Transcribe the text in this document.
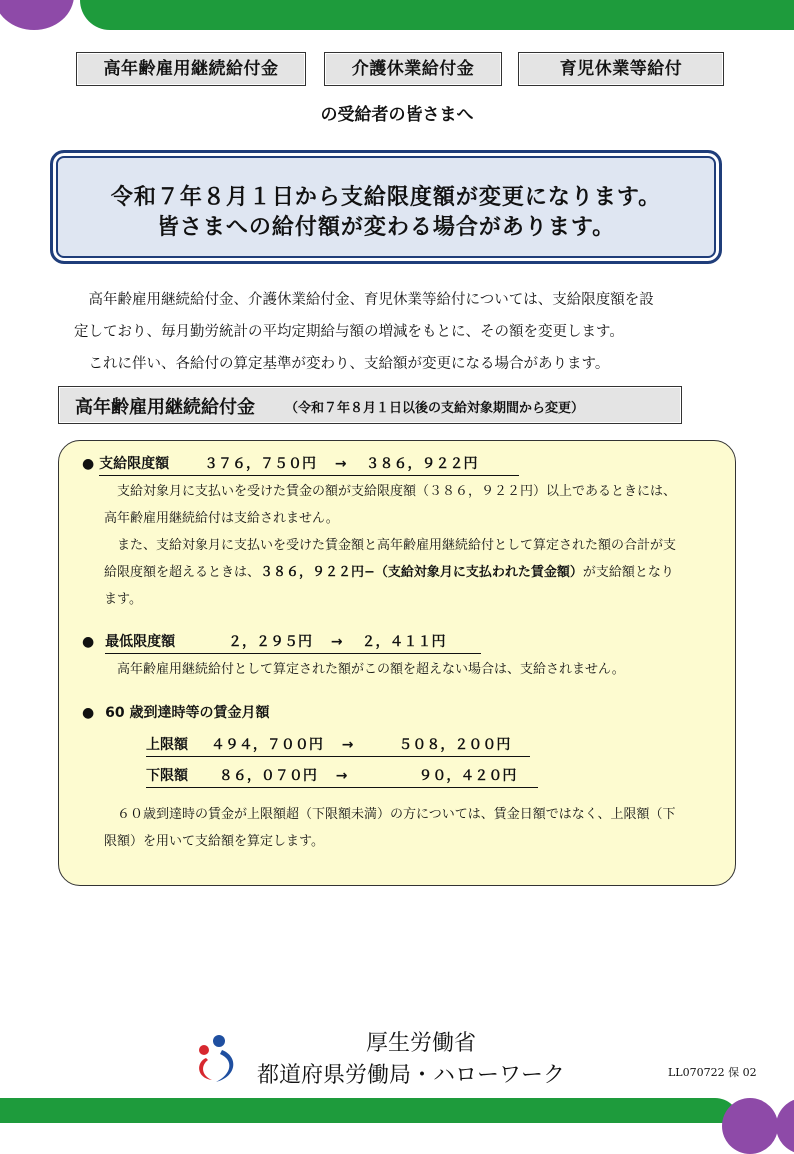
高年齢雇用継続給付金	介護休業給付金	育児休業等給付
の受給者の皆さまへ
令和７年８月１日から支給限度額が変更になります。
皆さまへの給付額が変わる場合があります。

　高年齢雇用継続給付金、介護休業給付金、育児休業等給付については、支給限度額を設

定しており、毎月勤労統計の平均定期給与額の増減をもとに、その額を変更します。

　これに伴い、各給付の算定基準が変わり、支給額が変更になる場合があります。

高年齢雇用継続給付金 （令和７年８月１日以後の支給対象期間から変更）
● 支給限度額 ３７６，７５０円 → ３８６，９２２円

支給対象月に支払いを受けた賃金の額が支給限度額（３８６，９２２円）以上であるときには、

高年齢雇用継続給付は支給されません。

また、支給対象月に支払いを受けた賃金額と高年齢雇用継続給付として算定された額の合計が支

給限度額を超えるときは、３８６，９２２円−（支給対象月に支払われた賃金額）が支給額となり

ます。

● 最低限度額	２，２９５円 → ２，４１１円

高年齢雇用継続給付として算定された額がこの額を超えない場合は、支給されません。

● 60 歳到達時等の賃金月額
上限額 ４９４，７００円 →	５０８，２００円
下限額 ８６，０７０円 →	９０，４２０円

６０歳到達時の賃金が上限額超（下限額未満）の方については、賃金日額ではなく、上限額（下

限額）を用いて支給額を算定します。

厚生労働省
都道府県労働局・ハローワーク	LL070722 保 02
